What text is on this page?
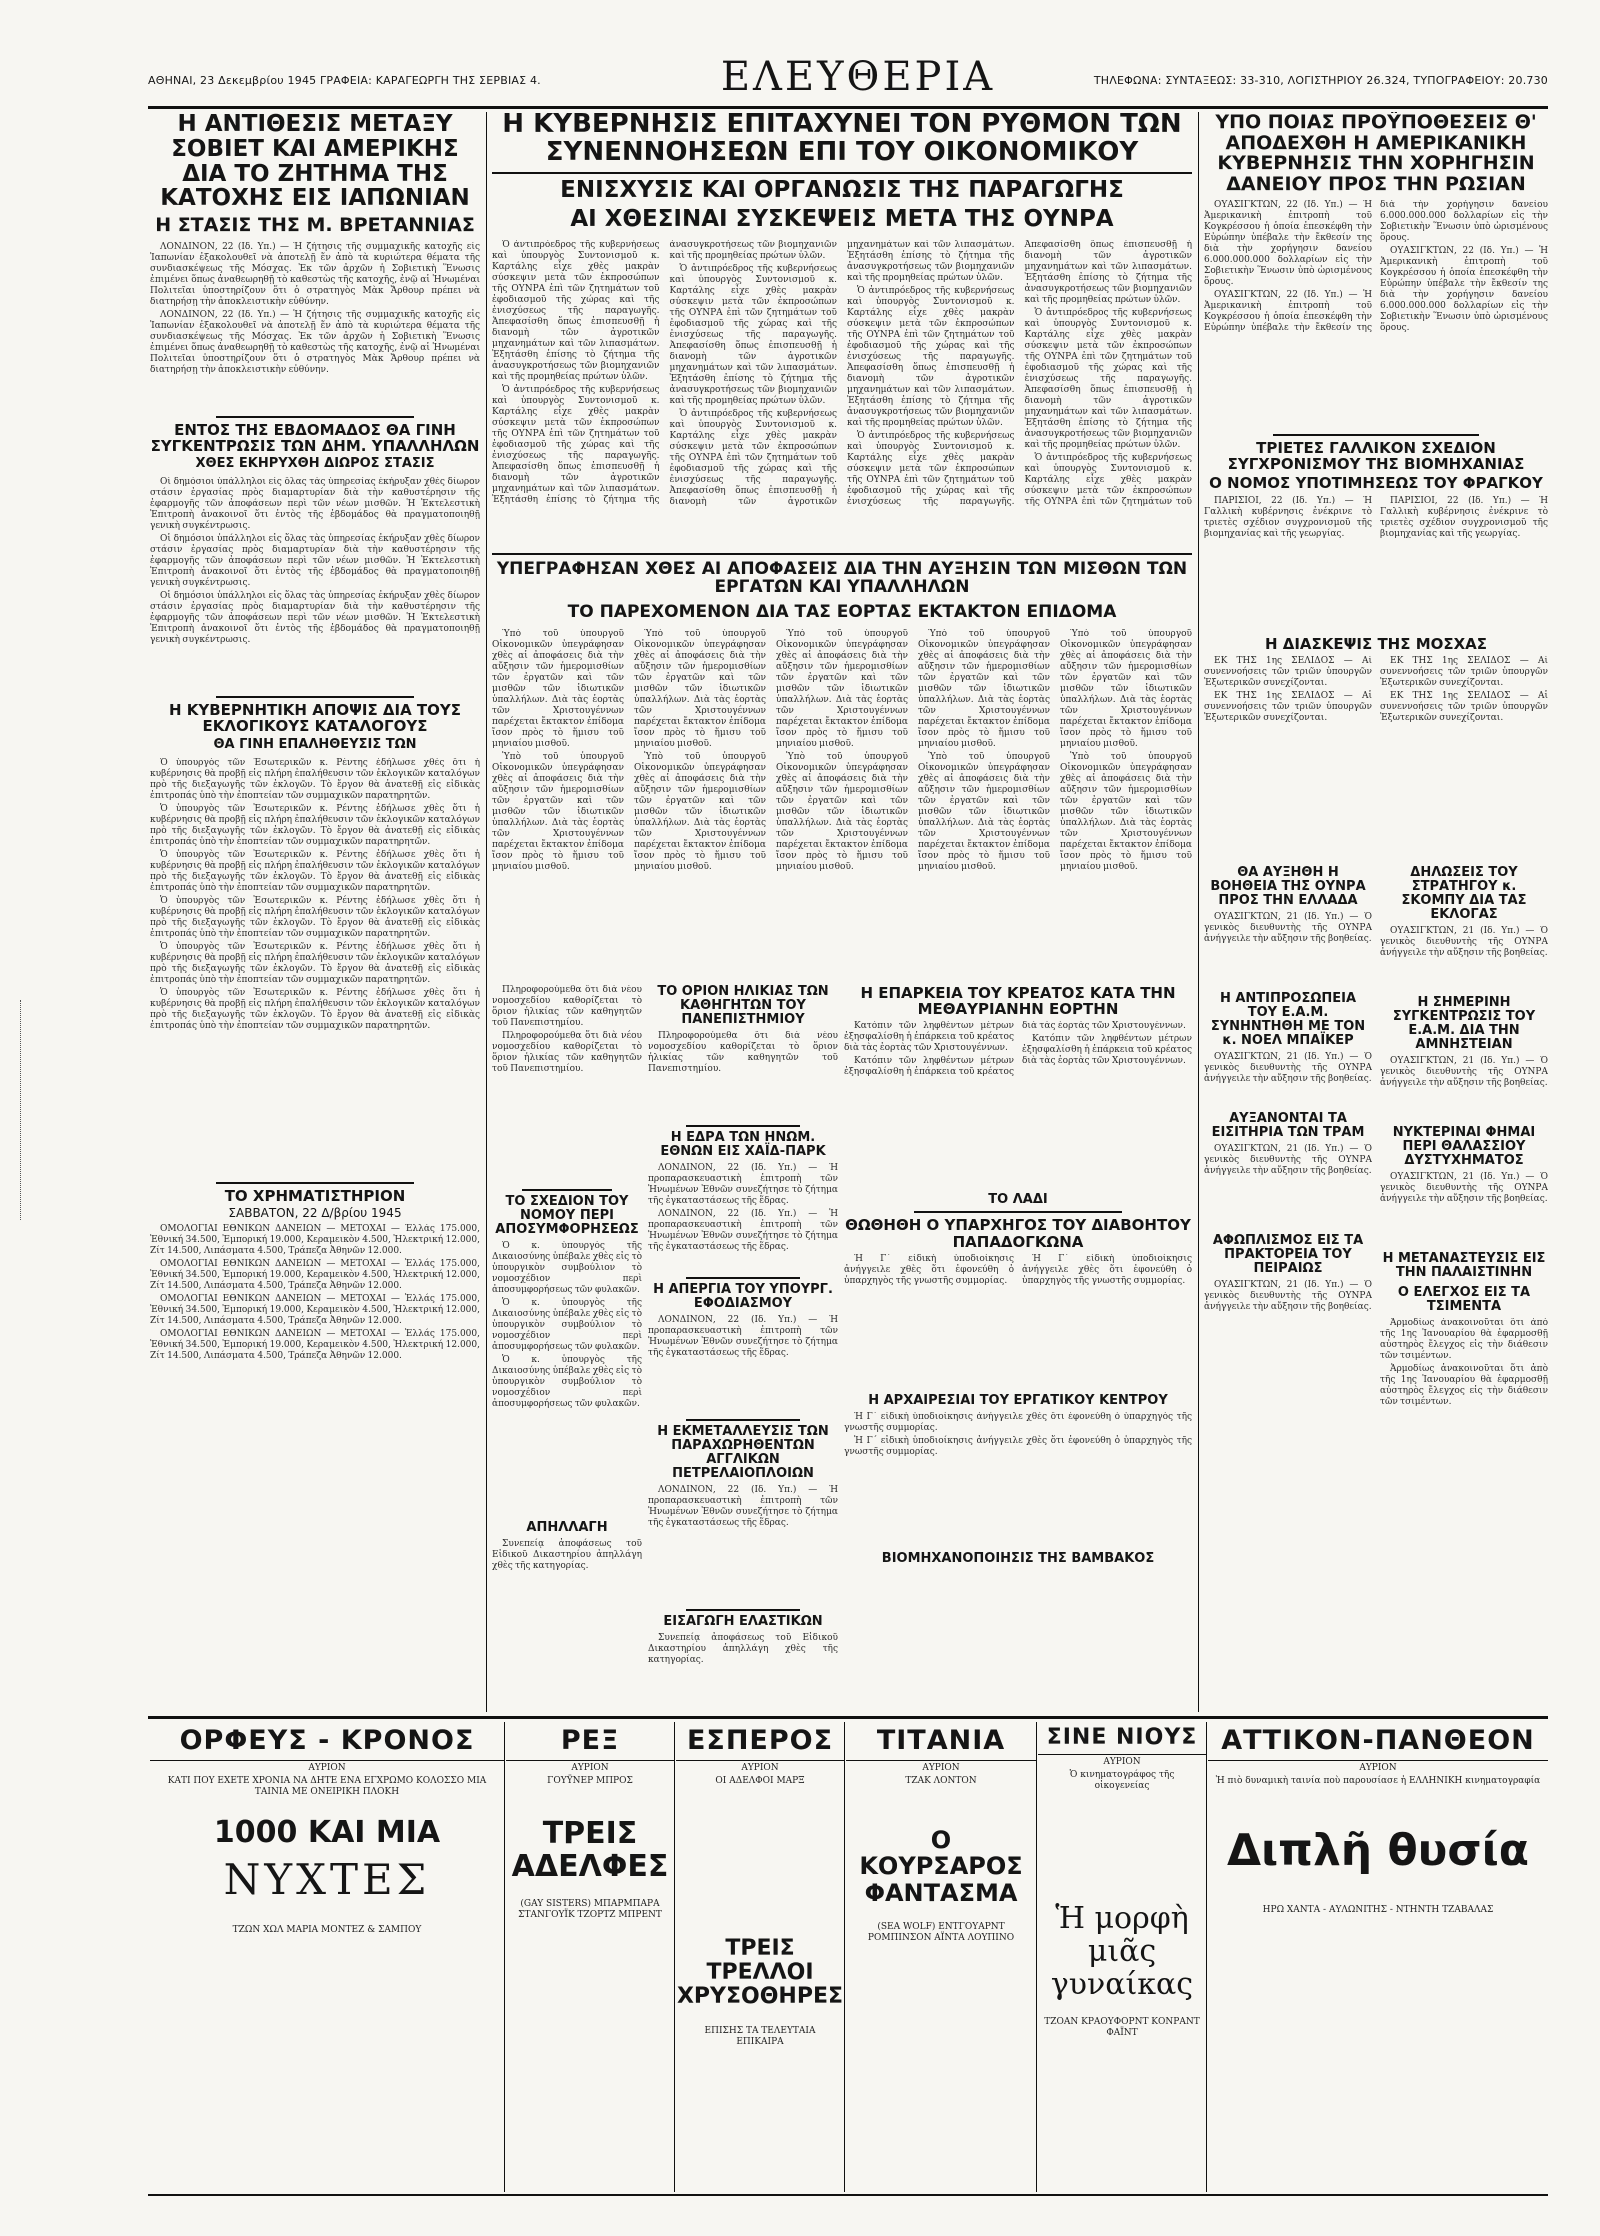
ΑΘΗΝΑΙ, 23 Δεκεμβρίου 1945 ΓΡΑΦΕΙΑ: ΚΑΡΑΓΕΩΡΓΗ ΤΗΣ ΣΕΡΒΙΑΣ 4.	ΕΛΕΥΘΕΡΙΑ	ΤΗΛΕΦΩΝΑ: ΣΥΝΤΑΞΕΩΣ: 33-310, ΛΟΓΙΣΤΗΡΙΟΥ 26.324, ΤΥΠΟΓΡΑΦΕΙΟΥ: 20.730
Η ΑΝΤΙΘΕΣΙΣ ΜΕΤΑΞΥ ΣΟΒΙΕΤ ΚΑΙ ΑΜΕΡΙΚΗΣ ΔΙΑ ΤΟ ΖΗΤΗΜΑ ΤΗΣ ΚΑΤΟΧΗΣ ΕΙΣ ΙΑΠΩΝΙΑΝ
Η ΣΤΑΣΙΣ ΤΗΣ Μ. ΒΡΕΤΑΝΝΙΑΣ

ΛΟΝΔΙΝΟΝ, 22 (Ιδ. Υπ.) — Ἡ ζήτησις τῆς συμμαχικῆς κατοχῆς εἰς Ἰαπωνίαν ἐξακολουθεῖ νὰ ἀποτελῇ ἕν ἀπὸ τὰ κυριώτερα θέματα τῆς συνδιασκέψεως τῆς Μόσχας. Ἐκ τῶν ἀρχῶν ἡ Σοβιετικὴ Ἕνωσις ἐπιμένει ὅπως ἀναθεωρηθῇ τὸ καθεστὼς τῆς κατοχῆς, ἐνῷ αἱ Ἡνωμέναι Πολιτεῖαι ὑποστηρίζουν ὅτι ὁ στρατηγὸς Μὰκ Ἄρθουρ πρέπει νὰ διατηρήσῃ τὴν ἀποκλειστικὴν εὐθύνην.

ΛΟΝΔΙΝΟΝ, 22 (Ιδ. Υπ.) — Ἡ ζήτησις τῆς συμμαχικῆς κατοχῆς εἰς Ἰαπωνίαν ἐξακολουθεῖ νὰ ἀποτελῇ ἕν ἀπὸ τὰ κυριώτερα θέματα τῆς συνδιασκέψεως τῆς Μόσχας. Ἐκ τῶν ἀρχῶν ἡ Σοβιετικὴ Ἕνωσις ἐπιμένει ὅπως ἀναθεωρηθῇ τὸ καθεστὼς τῆς κατοχῆς, ἐνῷ αἱ Ἡνωμέναι Πολιτεῖαι ὑποστηρίζουν ὅτι ὁ στρατηγὸς Μὰκ Ἄρθουρ πρέπει νὰ διατηρήσῃ τὴν ἀποκλειστικὴν εὐθύνην.

ΕΝΤΟΣ ΤΗΣ ΕΒΔΟΜΑΔΟΣ ΘΑ ΓΙΝΗ ΣΥΓΚΕΝΤΡΩΣΙΣ ΤΩΝ ΔΗΜ. ΥΠΑΛΛΗΛΩΝ
ΧΘΕΣ ΕΚΗΡΥΧΘΗ ΔΙΩΡΟΣ ΣΤΑΣΙΣ

Οἱ δημόσιοι ὑπάλληλοι εἰς ὅλας τὰς ὑπηρεσίας ἐκήρυξαν χθὲς δίωρον στάσιν ἐργασίας πρὸς διαμαρτυρίαν διὰ τὴν καθυστέρησιν τῆς ἐφαρμογῆς τῶν ἀποφάσεων περὶ τῶν νέων μισθῶν. Ἡ Ἐκτελεστικὴ Ἐπιτροπὴ ἀνακοινοῖ ὅτι ἐντὸς τῆς ἑβδομάδος θὰ πραγματοποιηθῇ γενικὴ συγκέντρωσις.

Οἱ δημόσιοι ὑπάλληλοι εἰς ὅλας τὰς ὑπηρεσίας ἐκήρυξαν χθὲς δίωρον στάσιν ἐργασίας πρὸς διαμαρτυρίαν διὰ τὴν καθυστέρησιν τῆς ἐφαρμογῆς τῶν ἀποφάσεων περὶ τῶν νέων μισθῶν. Ἡ Ἐκτελεστικὴ Ἐπιτροπὴ ἀνακοινοῖ ὅτι ἐντὸς τῆς ἑβδομάδος θὰ πραγματοποιηθῇ γενικὴ συγκέντρωσις.

Οἱ δημόσιοι ὑπάλληλοι εἰς ὅλας τὰς ὑπηρεσίας ἐκήρυξαν χθὲς δίωρον στάσιν ἐργασίας πρὸς διαμαρτυρίαν διὰ τὴν καθυστέρησιν τῆς ἐφαρμογῆς τῶν ἀποφάσεων περὶ τῶν νέων μισθῶν. Ἡ Ἐκτελεστικὴ Ἐπιτροπὴ ἀνακοινοῖ ὅτι ἐντὸς τῆς ἑβδομάδος θὰ πραγματοποιηθῇ γενικὴ συγκέντρωσις.

Η ΚΥΒΕΡΝΗΤΙΚΗ ΑΠΟΨΙΣ ΔΙΑ ΤΟΥΣ ΕΚΛΟΓΙΚΟΥΣ ΚΑΤΑΛΟΓΟΥΣ
ΘΑ ΓΙΝΗ ΕΠΑΛΗΘΕΥΣΙΣ ΤΩΝ

Ὁ ὑπουργὸς τῶν Ἐσωτερικῶν κ. Ρέντης ἐδήλωσε χθὲς ὅτι ἡ κυβέρνησις θὰ προβῇ εἰς πλήρη ἐπαλήθευσιν τῶν ἐκλογικῶν καταλόγων πρὸ τῆς διεξαγωγῆς τῶν ἐκλογῶν. Τὸ ἔργον θὰ ἀνατεθῇ εἰς εἰδικὰς ἐπιτροπάς ὑπὸ τὴν ἐποπτείαν τῶν συμμαχικῶν παρατηρητῶν.

Ὁ ὑπουργὸς τῶν Ἐσωτερικῶν κ. Ρέντης ἐδήλωσε χθὲς ὅτι ἡ κυβέρνησις θὰ προβῇ εἰς πλήρη ἐπαλήθευσιν τῶν ἐκλογικῶν καταλόγων πρὸ τῆς διεξαγωγῆς τῶν ἐκλογῶν. Τὸ ἔργον θὰ ἀνατεθῇ εἰς εἰδικὰς ἐπιτροπάς ὑπὸ τὴν ἐποπτείαν τῶν συμμαχικῶν παρατηρητῶν.

Ὁ ὑπουργὸς τῶν Ἐσωτερικῶν κ. Ρέντης ἐδήλωσε χθὲς ὅτι ἡ κυβέρνησις θὰ προβῇ εἰς πλήρη ἐπαλήθευσιν τῶν ἐκλογικῶν καταλόγων πρὸ τῆς διεξαγωγῆς τῶν ἐκλογῶν. Τὸ ἔργον θὰ ἀνατεθῇ εἰς εἰδικὰς ἐπιτροπάς ὑπὸ τὴν ἐποπτείαν τῶν συμμαχικῶν παρατηρητῶν.

Ὁ ὑπουργὸς τῶν Ἐσωτερικῶν κ. Ρέντης ἐδήλωσε χθὲς ὅτι ἡ κυβέρνησις θὰ προβῇ εἰς πλήρη ἐπαλήθευσιν τῶν ἐκλογικῶν καταλόγων πρὸ τῆς διεξαγωγῆς τῶν ἐκλογῶν. Τὸ ἔργον θὰ ἀνατεθῇ εἰς εἰδικὰς ἐπιτροπάς ὑπὸ τὴν ἐποπτείαν τῶν συμμαχικῶν παρατηρητῶν.

Ὁ ὑπουργὸς τῶν Ἐσωτερικῶν κ. Ρέντης ἐδήλωσε χθὲς ὅτι ἡ κυβέρνησις θὰ προβῇ εἰς πλήρη ἐπαλήθευσιν τῶν ἐκλογικῶν καταλόγων πρὸ τῆς διεξαγωγῆς τῶν ἐκλογῶν. Τὸ ἔργον θὰ ἀνατεθῇ εἰς εἰδικὰς ἐπιτροπάς ὑπὸ τὴν ἐποπτείαν τῶν συμμαχικῶν παρατηρητῶν.

Ὁ ὑπουργὸς τῶν Ἐσωτερικῶν κ. Ρέντης ἐδήλωσε χθὲς ὅτι ἡ κυβέρνησις θὰ προβῇ εἰς πλήρη ἐπαλήθευσιν τῶν ἐκλογικῶν καταλόγων πρὸ τῆς διεξαγωγῆς τῶν ἐκλογῶν. Τὸ ἔργον θὰ ἀνατεθῇ εἰς εἰδικὰς ἐπιτροπάς ὑπὸ τὴν ἐποπτείαν τῶν συμμαχικῶν παρατηρητῶν.

ΤΟ ΧΡΗΜΑΤΙΣΤΗΡΙΟΝ
ΣΑΒΒΑΤΟΝ, 22 Δ/βρίου 1945

ΟΜΟΛΟΓΙΑΙ ΕΘΝΙΚΩΝ ΔΑΝΕΙΩΝ — ΜΕΤΟΧΑΙ — Ἑλλάς 175.000, Ἐθνική 34.500, Ἐμπορική 19.000, Κεραμεικὸν 4.500, Ἠλεκτρική 12.000, Ζίτ 14.500, Λιπάσματα 4.500, Τράπεζα Ἀθηνῶν 12.000.

ΟΜΟΛΟΓΙΑΙ ΕΘΝΙΚΩΝ ΔΑΝΕΙΩΝ — ΜΕΤΟΧΑΙ — Ἑλλάς 175.000, Ἐθνική 34.500, Ἐμπορική 19.000, Κεραμεικὸν 4.500, Ἠλεκτρική 12.000, Ζίτ 14.500, Λιπάσματα 4.500, Τράπεζα Ἀθηνῶν 12.000.

ΟΜΟΛΟΓΙΑΙ ΕΘΝΙΚΩΝ ΔΑΝΕΙΩΝ — ΜΕΤΟΧΑΙ — Ἑλλάς 175.000, Ἐθνική 34.500, Ἐμπορική 19.000, Κεραμεικὸν 4.500, Ἠλεκτρική 12.000, Ζίτ 14.500, Λιπάσματα 4.500, Τράπεζα Ἀθηνῶν 12.000.

ΟΜΟΛΟΓΙΑΙ ΕΘΝΙΚΩΝ ΔΑΝΕΙΩΝ — ΜΕΤΟΧΑΙ — Ἑλλάς 175.000, Ἐθνική 34.500, Ἐμπορική 19.000, Κεραμεικὸν 4.500, Ἠλεκτρική 12.000, Ζίτ 14.500, Λιπάσματα 4.500, Τράπεζα Ἀθηνῶν 12.000.

Η ΚΥΒΕΡΝΗΣΙΣ ΕΠΙΤΑΧΥΝΕΙ ΤΟΝ ΡΥΘΜΟΝ ΤΩΝ ΣΥΝΕΝΝΟΗΣΕΩΝ ΕΠΙ ΤΟΥ ΟΙΚΟΝΟΜΙΚΟΥ
ΕΝΙΣΧΥΣΙΣ ΚΑΙ ΟΡΓΑΝΩΣΙΣ ΤΗΣ ΠΑΡΑΓΩΓΗΣ
ΑΙ ΧΘΕΣΙΝΑΙ ΣΥΣΚΕΨΕΙΣ ΜΕΤΑ ΤΗΣ ΟΥΝΡΑ

Ὁ ἀντιπρόεδρος τῆς κυβερνήσεως καὶ ὑπουργὸς Συντονισμοῦ κ. Καρτάλης εἶχε χθὲς μακρὰν σύσκεψιν μετὰ τῶν ἐκπροσώπων τῆς ΟΥΝΡΑ ἐπὶ τῶν ζητημάτων τοῦ ἐφοδιασμοῦ τῆς χώρας καὶ τῆς ἐνισχύσεως τῆς παραγωγῆς. Ἀπεφασίσθη ὅπως ἐπισπευσθῇ ἡ διανομὴ τῶν ἀγροτικῶν μηχανημάτων καὶ τῶν λιπασμάτων. Ἐξητάσθη ἐπίσης τὸ ζήτημα τῆς ἀνασυγκροτήσεως τῶν βιομηχανιῶν καὶ τῆς προμηθείας πρώτων ὑλῶν.

Ὁ ἀντιπρόεδρος τῆς κυβερνήσεως καὶ ὑπουργὸς Συντονισμοῦ κ. Καρτάλης εἶχε χθὲς μακρὰν σύσκεψιν μετὰ τῶν ἐκπροσώπων τῆς ΟΥΝΡΑ ἐπὶ τῶν ζητημάτων τοῦ ἐφοδιασμοῦ τῆς χώρας καὶ τῆς ἐνισχύσεως τῆς παραγωγῆς. Ἀπεφασίσθη ὅπως ἐπισπευσθῇ ἡ διανομὴ τῶν ἀγροτικῶν μηχανημάτων καὶ τῶν λιπασμάτων. Ἐξητάσθη ἐπίσης τὸ ζήτημα τῆς ἀνασυγκροτήσεως τῶν βιομηχανιῶν καὶ τῆς προμηθείας πρώτων ὑλῶν.

Ὁ ἀντιπρόεδρος τῆς κυβερνήσεως καὶ ὑπουργὸς Συντονισμοῦ κ. Καρτάλης εἶχε χθὲς μακρὰν σύσκεψιν μετὰ τῶν ἐκπροσώπων τῆς ΟΥΝΡΑ ἐπὶ τῶν ζητημάτων τοῦ ἐφοδιασμοῦ τῆς χώρας καὶ τῆς ἐνισχύσεως τῆς παραγωγῆς. Ἀπεφασίσθη ὅπως ἐπισπευσθῇ ἡ διανομὴ τῶν ἀγροτικῶν μηχανημάτων καὶ τῶν λιπασμάτων. Ἐξητάσθη ἐπίσης τὸ ζήτημα τῆς ἀνασυγκροτήσεως τῶν βιομηχανιῶν καὶ τῆς προμηθείας πρώτων ὑλῶν.

Ὁ ἀντιπρόεδρος τῆς κυβερνήσεως καὶ ὑπουργὸς Συντονισμοῦ κ. Καρτάλης εἶχε χθὲς μακρὰν σύσκεψιν μετὰ τῶν ἐκπροσώπων τῆς ΟΥΝΡΑ ἐπὶ τῶν ζητημάτων τοῦ ἐφοδιασμοῦ τῆς χώρας καὶ τῆς ἐνισχύσεως τῆς παραγωγῆς. Ἀπεφασίσθη ὅπως ἐπισπευσθῇ ἡ διανομὴ τῶν ἀγροτικῶν μηχανημάτων καὶ τῶν λιπασμάτων. Ἐξητάσθη ἐπίσης τὸ ζήτημα τῆς ἀνασυγκροτήσεως τῶν βιομηχανιῶν καὶ τῆς προμηθείας πρώτων ὑλῶν.

Ὁ ἀντιπρόεδρος τῆς κυβερνήσεως καὶ ὑπουργὸς Συντονισμοῦ κ. Καρτάλης εἶχε χθὲς μακρὰν σύσκεψιν μετὰ τῶν ἐκπροσώπων τῆς ΟΥΝΡΑ ἐπὶ τῶν ζητημάτων τοῦ ἐφοδιασμοῦ τῆς χώρας καὶ τῆς ἐνισχύσεως τῆς παραγωγῆς. Ἀπεφασίσθη ὅπως ἐπισπευσθῇ ἡ διανομὴ τῶν ἀγροτικῶν μηχανημάτων καὶ τῶν λιπασμάτων. Ἐξητάσθη ἐπίσης τὸ ζήτημα τῆς ἀνασυγκροτήσεως τῶν βιομηχανιῶν καὶ τῆς προμηθείας πρώτων ὑλῶν.

Ὁ ἀντιπρόεδρος τῆς κυβερνήσεως καὶ ὑπουργὸς Συντονισμοῦ κ. Καρτάλης εἶχε χθὲς μακρὰν σύσκεψιν μετὰ τῶν ἐκπροσώπων τῆς ΟΥΝΡΑ ἐπὶ τῶν ζητημάτων τοῦ ἐφοδιασμοῦ τῆς χώρας καὶ τῆς ἐνισχύσεως τῆς παραγωγῆς. Ἀπεφασίσθη ὅπως ἐπισπευσθῇ ἡ διανομὴ τῶν ἀγροτικῶν μηχανημάτων καὶ τῶν λιπασμάτων. Ἐξητάσθη ἐπίσης τὸ ζήτημα τῆς ἀνασυγκροτήσεως τῶν βιομηχανιῶν καὶ τῆς προμηθείας πρώτων ὑλῶν.

Ὁ ἀντιπρόεδρος τῆς κυβερνήσεως καὶ ὑπουργὸς Συντονισμοῦ κ. Καρτάλης εἶχε χθὲς μακρὰν σύσκεψιν μετὰ τῶν ἐκπροσώπων τῆς ΟΥΝΡΑ ἐπὶ τῶν ζητημάτων τοῦ ἐφοδιασμοῦ τῆς χώρας καὶ τῆς ἐνισχύσεως τῆς παραγωγῆς. Ἀπεφασίσθη ὅπως ἐπισπευσθῇ ἡ διανομὴ τῶν ἀγροτικῶν μηχανημάτων καὶ τῶν λιπασμάτων. Ἐξητάσθη ἐπίσης τὸ ζήτημα τῆς ἀνασυγκροτήσεως τῶν βιομηχανιῶν καὶ τῆς προμηθείας πρώτων ὑλῶν.

Ὁ ἀντιπρόεδρος τῆς κυβερνήσεως καὶ ὑπουργὸς Συντονισμοῦ κ. Καρτάλης εἶχε χθὲς μακρὰν σύσκεψιν μετὰ τῶν ἐκπροσώπων τῆς ΟΥΝΡΑ ἐπὶ τῶν ζητημάτων τοῦ

ΥΠΕΓΡΑΦΗΣΑΝ ΧΘΕΣ ΑΙ ΑΠΟΦΑΣΕΙΣ ΔΙΑ ΤΗΝ ΑΥΞΗΣΙΝ ΤΩΝ ΜΙΣΘΩΝ ΤΩΝ ΕΡΓΑΤΩΝ ΚΑΙ ΥΠΑΛΛΗΛΩΝ
ΤΟ ΠΑΡΕΧΟΜΕΝΟΝ ΔΙΑ ΤΑΣ ΕΟΡΤΑΣ ΕΚΤΑΚΤΟΝ ΕΠΙΔΟΜΑ

Ὑπὸ τοῦ ὑπουργοῦ Οἰκονομικῶν ὑπεγράφησαν χθὲς αἱ ἀποφάσεις διὰ τὴν αὔξησιν τῶν ἡμερομισθίων τῶν ἐργατῶν καὶ τῶν μισθῶν τῶν ἰδιωτικῶν ὑπαλλήλων. Διὰ τὰς ἑορτὰς τῶν Χριστουγέννων παρέχεται ἔκτακτον ἐπίδομα ἴσον πρὸς τὸ ἥμισυ τοῦ μηνιαίου μισθοῦ.

Ὑπὸ τοῦ ὑπουργοῦ Οἰκονομικῶν ὑπεγράφησαν χθὲς αἱ ἀποφάσεις διὰ τὴν αὔξησιν τῶν ἡμερομισθίων τῶν ἐργατῶν καὶ τῶν μισθῶν τῶν ἰδιωτικῶν ὑπαλλήλων. Διὰ τὰς ἑορτὰς τῶν Χριστουγέννων παρέχεται ἔκτακτον ἐπίδομα ἴσον πρὸς τὸ ἥμισυ τοῦ μηνιαίου μισθοῦ.

Ὑπὸ τοῦ ὑπουργοῦ Οἰκονομικῶν ὑπεγράφησαν χθὲς αἱ ἀποφάσεις διὰ τὴν αὔξησιν τῶν ἡμερομισθίων τῶν ἐργατῶν καὶ τῶν μισθῶν τῶν ἰδιωτικῶν ὑπαλλήλων. Διὰ τὰς ἑορτὰς τῶν Χριστουγέννων παρέχεται ἔκτακτον ἐπίδομα ἴσον πρὸς τὸ ἥμισυ τοῦ μηνιαίου μισθοῦ.

Ὑπὸ τοῦ ὑπουργοῦ Οἰκονομικῶν ὑπεγράφησαν χθὲς αἱ ἀποφάσεις διὰ τὴν αὔξησιν τῶν ἡμερομισθίων τῶν ἐργατῶν καὶ τῶν μισθῶν τῶν ἰδιωτικῶν ὑπαλλήλων. Διὰ τὰς ἑορτὰς τῶν Χριστουγέννων παρέχεται ἔκτακτον ἐπίδομα ἴσον πρὸς τὸ ἥμισυ τοῦ μηνιαίου μισθοῦ.

Ὑπὸ τοῦ ὑπουργοῦ Οἰκονομικῶν ὑπεγράφησαν χθὲς αἱ ἀποφάσεις διὰ τὴν αὔξησιν τῶν ἡμερομισθίων τῶν ἐργατῶν καὶ τῶν μισθῶν τῶν ἰδιωτικῶν ὑπαλλήλων. Διὰ τὰς ἑορτὰς τῶν Χριστουγέννων παρέχεται ἔκτακτον ἐπίδομα ἴσον πρὸς τὸ ἥμισυ τοῦ μηνιαίου μισθοῦ.

Ὑπὸ τοῦ ὑπουργοῦ Οἰκονομικῶν ὑπεγράφησαν χθὲς αἱ ἀποφάσεις διὰ τὴν αὔξησιν τῶν ἡμερομισθίων τῶν ἐργατῶν καὶ τῶν μισθῶν τῶν ἰδιωτικῶν ὑπαλλήλων. Διὰ τὰς ἑορτὰς τῶν Χριστουγέννων παρέχεται ἔκτακτον ἐπίδομα ἴσον πρὸς τὸ ἥμισυ τοῦ μηνιαίου μισθοῦ.

Ὑπὸ τοῦ ὑπουργοῦ Οἰκονομικῶν ὑπεγράφησαν χθὲς αἱ ἀποφάσεις διὰ τὴν αὔξησιν τῶν ἡμερομισθίων τῶν ἐργατῶν καὶ τῶν μισθῶν τῶν ἰδιωτικῶν ὑπαλλήλων. Διὰ τὰς ἑορτὰς τῶν Χριστουγέννων παρέχεται ἔκτακτον ἐπίδομα ἴσον πρὸς τὸ ἥμισυ τοῦ μηνιαίου μισθοῦ.

Ὑπὸ τοῦ ὑπουργοῦ Οἰκονομικῶν ὑπεγράφησαν χθὲς αἱ ἀποφάσεις διὰ τὴν αὔξησιν τῶν ἡμερομισθίων τῶν ἐργατῶν καὶ τῶν μισθῶν τῶν ἰδιωτικῶν ὑπαλλήλων. Διὰ τὰς ἑορτὰς τῶν Χριστουγέννων παρέχεται ἔκτακτον ἐπίδομα ἴσον πρὸς τὸ ἥμισυ τοῦ μηνιαίου μισθοῦ.

Ὑπὸ τοῦ ὑπουργοῦ Οἰκονομικῶν ὑπεγράφησαν χθὲς αἱ ἀποφάσεις διὰ τὴν αὔξησιν τῶν ἡμερομισθίων τῶν ἐργατῶν καὶ τῶν μισθῶν τῶν ἰδιωτικῶν ὑπαλλήλων. Διὰ τὰς ἑορτὰς τῶν Χριστουγέννων παρέχεται ἔκτακτον ἐπίδομα ἴσον πρὸς τὸ ἥμισυ τοῦ μηνιαίου μισθοῦ.

Ὑπὸ τοῦ ὑπουργοῦ Οἰκονομικῶν ὑπεγράφησαν χθὲς αἱ ἀποφάσεις διὰ τὴν αὔξησιν τῶν ἡμερομισθίων τῶν ἐργατῶν καὶ τῶν μισθῶν τῶν ἰδιωτικῶν ὑπαλλήλων. Διὰ τὰς ἑορτὰς τῶν Χριστουγέννων παρέχεται ἔκτακτον ἐπίδομα ἴσον πρὸς τὸ ἥμισυ τοῦ μηνιαίου μισθοῦ.

Πληροφορούμεθα ὅτι διὰ νέου νομοσχεδίου καθορίζεται τὸ ὅριον ἡλικίας τῶν καθηγητῶν τοῦ Πανεπιστημίου.

Πληροφορούμεθα ὅτι διὰ νέου νομοσχεδίου καθορίζεται τὸ ὅριον ἡλικίας τῶν καθηγητῶν τοῦ Πανεπιστημίου.

ΤΟ ΣΧΕΔΙΟΝ ΤΟΥ ΝΟΜΟΥ ΠΕΡΙ ΑΠΟΣΥΜΦΟΡΗΣΕΩΣ

Ὁ κ. ὑπουργὸς τῆς Δικαιοσύνης ὑπέβαλε χθὲς εἰς τὸ ὑπουργικὸν συμβούλιον τὸ νομοσχέδιον περὶ ἀποσυμφορήσεως τῶν φυλακῶν.

Ὁ κ. ὑπουργὸς τῆς Δικαιοσύνης ὑπέβαλε χθὲς εἰς τὸ ὑπουργικὸν συμβούλιον τὸ νομοσχέδιον περὶ ἀποσυμφορήσεως τῶν φυλακῶν.

Ὁ κ. ὑπουργὸς τῆς Δικαιοσύνης ὑπέβαλε χθὲς εἰς τὸ ὑπουργικὸν συμβούλιον τὸ νομοσχέδιον περὶ ἀποσυμφορήσεως τῶν φυλακῶν.

ΑΠΗΛΛΑΓΗ

Συνεπείᾳ ἀποφάσεως τοῦ Εἰδικοῦ Δικαστηρίου ἀπηλλάγη χθὲς τῆς κατηγορίας.

ΤΟ ΟΡΙΟΝ ΗΛΙΚΙΑΣ ΤΩΝ ΚΑΘΗΓΗΤΩΝ ΤΟΥ ΠΑΝΕΠΙΣΤΗΜΙΟΥ

Πληροφορούμεθα ὅτι διὰ νέου νομοσχεδίου καθορίζεται τὸ ὅριον ἡλικίας τῶν καθηγητῶν τοῦ Πανεπιστημίου.

Η ΕΔΡΑ ΤΩΝ ΗΝΩΜ. ΕΘΝΩΝ ΕΙΣ ΧΑΪΔ-ΠΑΡΚ

ΛΟΝΔΙΝΟΝ, 22 (Ιδ. Υπ.) — Ἡ προπαρασκευαστικὴ ἐπιτροπὴ τῶν Ἡνωμένων Ἐθνῶν συνεζήτησε τὸ ζήτημα τῆς ἐγκαταστάσεως τῆς ἕδρας.

ΛΟΝΔΙΝΟΝ, 22 (Ιδ. Υπ.) — Ἡ προπαρασκευαστικὴ ἐπιτροπὴ τῶν Ἡνωμένων Ἐθνῶν συνεζήτησε τὸ ζήτημα τῆς ἐγκαταστάσεως τῆς ἕδρας.

Η ΑΠΕΡΓΙΑ ΤΟΥ ΥΠΟΥΡΓ. ΕΦΟΔΙΑΣΜΟΥ

ΛΟΝΔΙΝΟΝ, 22 (Ιδ. Υπ.) — Ἡ προπαρασκευαστικὴ ἐπιτροπὴ τῶν Ἡνωμένων Ἐθνῶν συνεζήτησε τὸ ζήτημα τῆς ἐγκαταστάσεως τῆς ἕδρας.

Η ΕΚΜΕΤΑΛΛΕΥΣΙΣ ΤΩΝ ΠΑΡΑΧΩΡΗΘΕΝΤΩΝ ΑΓΓΛΙΚΩΝ ΠΕΤΡΕΛΑΙΟΠΛΟΙΩΝ

ΛΟΝΔΙΝΟΝ, 22 (Ιδ. Υπ.) — Ἡ προπαρασκευαστικὴ ἐπιτροπὴ τῶν Ἡνωμένων Ἐθνῶν συνεζήτησε τὸ ζήτημα τῆς ἐγκαταστάσεως τῆς ἕδρας.

ΕΙΣΑΓΩΓΗ ΕΛΑΣΤΙΚΩΝ

Συνεπείᾳ ἀποφάσεως τοῦ Εἰδικοῦ Δικαστηρίου ἀπηλλάγη χθὲς τῆς κατηγορίας.

Η ΕΠΑΡΚΕΙΑ ΤΟΥ ΚΡΕΑΤΟΣ ΚΑΤΑ ΤΗΝ ΜΕΘΑΥΡΙΑΝΗΝ ΕΟΡΤΗΝ

Κατόπιν τῶν ληφθέντων μέτρων ἐξησφαλίσθη ἡ ἐπάρκεια τοῦ κρέατος διὰ τὰς ἑορτὰς τῶν Χριστουγέννων.

Κατόπιν τῶν ληφθέντων μέτρων ἐξησφαλίσθη ἡ ἐπάρκεια τοῦ κρέατος διὰ τὰς ἑορτὰς τῶν Χριστουγέννων.

Κατόπιν τῶν ληφθέντων μέτρων ἐξησφαλίσθη ἡ ἐπάρκεια τοῦ κρέατος διὰ τὰς ἑορτὰς τῶν Χριστουγέννων.

ΤΟ ΛΑΔΙ
ΘΩΘΗΘΗ Ο ΥΠΑΡΧΗΓΟΣ ΤΟΥ ΔΙΑΒΟΗΤΟΥ ΠΑΠΑΔΟΓΚΩΝΑ

Ἡ Γ΄ εἰδικὴ ὑποδιοίκησις ἀνήγγειλε χθὲς ὅτι ἐφονεύθη ὁ ὑπαρχηγὸς τῆς γνωστῆς συμμορίας.

Ἡ Γ΄ εἰδικὴ ὑποδιοίκησις ἀνήγγειλε χθὲς ὅτι ἐφονεύθη ὁ ὑπαρχηγὸς τῆς γνωστῆς συμμορίας.

Η ΑΡΧΑΙΡΕΣΙΑΙ ΤΟΥ ΕΡΓΑΤΙΚΟΥ ΚΕΝΤΡΟΥ

Ἡ Γ΄ εἰδικὴ ὑποδιοίκησις ἀνήγγειλε χθὲς ὅτι ἐφονεύθη ὁ ὑπαρχηγὸς τῆς γνωστῆς συμμορίας.

Ἡ Γ΄ εἰδικὴ ὑποδιοίκησις ἀνήγγειλε χθὲς ὅτι ἐφονεύθη ὁ ὑπαρχηγὸς τῆς γνωστῆς συμμορίας.

ΒΙΟΜΗΧΑΝΟΠΟΙΗΣΙΣ ΤΗΣ ΒΑΜΒΑΚΟΣ
ΥΠΟ ΠΟΙΑΣ ΠΡΟΫΠΟΘΕΣΕΙΣ Θ' ΑΠΟΔΕΧΘΗ Η ΑΜΕΡΙΚΑΝΙΚΗ ΚΥΒΕΡΝΗΣΙΣ ΤΗΝ ΧΟΡΗΓΗΣΙΝ ΔΑΝΕΙΟΥ ΠΡΟΣ ΤΗΝ ΡΩΣΙΑΝ

ΟΥΑΣΙΓΚΤΩΝ, 22 (Ιδ. Υπ.) — Ἡ Ἀμερικανικὴ ἐπιτροπὴ τοῦ Κογκρέσσου ἡ ὁποία ἐπεσκέφθη τὴν Εὐρώπην ὑπέβαλε τὴν ἔκθεσίν της διὰ τὴν χορήγησιν δανείου 6.000.000.000 δολλαρίων εἰς τὴν Σοβιετικὴν Ἕνωσιν ὑπὸ ὡρισμένους ὅρους.

ΟΥΑΣΙΓΚΤΩΝ, 22 (Ιδ. Υπ.) — Ἡ Ἀμερικανικὴ ἐπιτροπὴ τοῦ Κογκρέσσου ἡ ὁποία ἐπεσκέφθη τὴν Εὐρώπην ὑπέβαλε τὴν ἔκθεσίν της διὰ τὴν χορήγησιν δανείου 6.000.000.000 δολλαρίων εἰς τὴν Σοβιετικὴν Ἕνωσιν ὑπὸ ὡρισμένους ὅρους.

ΟΥΑΣΙΓΚΤΩΝ, 22 (Ιδ. Υπ.) — Ἡ Ἀμερικανικὴ ἐπιτροπὴ τοῦ Κογκρέσσου ἡ ὁποία ἐπεσκέφθη τὴν Εὐρώπην ὑπέβαλε τὴν ἔκθεσίν της διὰ τὴν χορήγησιν δανείου 6.000.000.000 δολλαρίων εἰς τὴν Σοβιετικὴν Ἕνωσιν ὑπὸ ὡρισμένους ὅρους.

ΤΡΙΕΤΕΣ ΓΑΛΛΙΚΟΝ ΣΧΕΔΙΟΝ ΣΥΓΧΡΟΝΙΣΜΟΥ ΤΗΣ ΒΙΟΜΗΧΑΝΙΑΣ
Ο ΝΟΜΟΣ ΥΠΟΤΙΜΗΣΕΩΣ ΤΟΥ ΦΡΑΓΚΟΥ

ΠΑΡΙΣΙΟΙ, 22 (Ιδ. Υπ.) — Ἡ Γαλλικὴ κυβέρνησις ἐνέκρινε τὸ τριετὲς σχέδιον συγχρονισμοῦ τῆς βιομηχανίας καὶ τῆς γεωργίας.

ΠΑΡΙΣΙΟΙ, 22 (Ιδ. Υπ.) — Ἡ Γαλλικὴ κυβέρνησις ἐνέκρινε τὸ τριετὲς σχέδιον συγχρονισμοῦ τῆς βιομηχανίας καὶ τῆς γεωργίας.

Η ΔΙΑΣΚΕΨΙΣ ΤΗΣ ΜΟΣΧΑΣ

ΕΚ ΤΗΣ 1ης ΣΕΛΙΔΟΣ — Αἱ συνεννοήσεις τῶν τριῶν ὑπουργῶν Ἐξωτερικῶν συνεχίζονται.

ΕΚ ΤΗΣ 1ης ΣΕΛΙΔΟΣ — Αἱ συνεννοήσεις τῶν τριῶν ὑπουργῶν Ἐξωτερικῶν συνεχίζονται.

ΕΚ ΤΗΣ 1ης ΣΕΛΙΔΟΣ — Αἱ συνεννοήσεις τῶν τριῶν ὑπουργῶν Ἐξωτερικῶν συνεχίζονται.

ΕΚ ΤΗΣ 1ης ΣΕΛΙΔΟΣ — Αἱ συνεννοήσεις τῶν τριῶν ὑπουργῶν Ἐξωτερικῶν συνεχίζονται.

ΘΑ ΑΥΞΗΘΗ Η ΒΟΗΘΕΙΑ ΤΗΣ ΟΥΝΡΑ ΠΡΟΣ ΤΗΝ ΕΛΛΑΔΑ

ΟΥΑΣΙΓΚΤΩΝ, 21 (Ιδ. Υπ.) — Ὁ γενικὸς διευθυντὴς τῆς ΟΥΝΡΑ ἀνήγγειλε τὴν αὔξησιν τῆς βοηθείας.

Η ΑΝΤΙΠΡΟΣΩΠΕΙΑ ΤΟΥ Ε.Α.Μ. ΣΥΝΗΝΤΗΘΗ ΜΕ ΤΟΝ κ. ΝΟΕΛ ΜΠΑΪΚΕΡ

ΟΥΑΣΙΓΚΤΩΝ, 21 (Ιδ. Υπ.) — Ὁ γενικὸς διευθυντὴς τῆς ΟΥΝΡΑ ἀνήγγειλε τὴν αὔξησιν τῆς βοηθείας.

ΑΥΞΑΝΟΝΤΑΙ ΤΑ ΕΙΣΙΤΗΡΙΑ ΤΩΝ ΤΡΑΜ

ΟΥΑΣΙΓΚΤΩΝ, 21 (Ιδ. Υπ.) — Ὁ γενικὸς διευθυντὴς τῆς ΟΥΝΡΑ ἀνήγγειλε τὴν αὔξησιν τῆς βοηθείας.

ΑΦΩΠΛΙΣΜΟΣ ΕΙΣ ΤΑ ΠΡΑΚΤΟΡΕΙΑ ΤΟΥ ΠΕΙΡΑΙΩΣ

ΟΥΑΣΙΓΚΤΩΝ, 21 (Ιδ. Υπ.) — Ὁ γενικὸς διευθυντὴς τῆς ΟΥΝΡΑ ἀνήγγειλε τὴν αὔξησιν τῆς βοηθείας.

ΔΗΛΩΣΕΙΣ ΤΟΥ ΣΤΡΑΤΗΓΟΥ κ. ΣΚΟΜΠΥ ΔΙΑ ΤΑΣ ΕΚΛΟΓΑΣ

ΟΥΑΣΙΓΚΤΩΝ, 21 (Ιδ. Υπ.) — Ὁ γενικὸς διευθυντὴς τῆς ΟΥΝΡΑ ἀνήγγειλε τὴν αὔξησιν τῆς βοηθείας.

Η ΣΗΜΕΡΙΝΗ ΣΥΓΚΕΝΤΡΩΣΙΣ ΤΟΥ Ε.Α.Μ. ΔΙΑ ΤΗΝ ΑΜΝΗΣΤΕΙΑΝ

ΟΥΑΣΙΓΚΤΩΝ, 21 (Ιδ. Υπ.) — Ὁ γενικὸς διευθυντὴς τῆς ΟΥΝΡΑ ἀνήγγειλε τὴν αὔξησιν τῆς βοηθείας.

ΝΥΚΤΕΡΙΝΑΙ ΦΗΜΑΙ ΠΕΡΙ ΘΑΛΑΣΣΙΟΥ ΔΥΣΤΥΧΗΜΑΤΟΣ

ΟΥΑΣΙΓΚΤΩΝ, 21 (Ιδ. Υπ.) — Ὁ γενικὸς διευθυντὴς τῆς ΟΥΝΡΑ ἀνήγγειλε τὴν αὔξησιν τῆς βοηθείας.

Η ΜΕΤΑΝΑΣΤΕΥΣΙΣ ΕΙΣ ΤΗΝ ΠΑΛΑΙΣΤΙΝΗΝ
Ο ΕΛΕΓΧΟΣ ΕΙΣ ΤΑ ΤΣΙΜΕΝΤΑ

Ἀρμοδίως ἀνακοινοῦται ὅτι ἀπὸ τῆς 1ης Ἰανουαρίου θὰ ἐφαρμοσθῇ αὐστηρὸς ἔλεγχος εἰς τὴν διάθεσιν τῶν τσιμέντων.

Ἀρμοδίως ἀνακοινοῦται ὅτι ἀπὸ τῆς 1ης Ἰανουαρίου θὰ ἐφαρμοσθῇ αὐστηρὸς ἔλεγχος εἰς τὴν διάθεσιν τῶν τσιμέντων.

ΟΡΦΕΥΣ - ΚΡΟΝΟΣ
ΑΥΡΙΟΝ
ΚΑΤΙ ΠΟΥ ΕΧΕΤΕ ΧΡΟΝΙΑ ΝΑ ΔΗΤΕ ΕΝΑ ΕΓΧΡΩΜΟ ΚΟΛΟΣΣΟ ΜΙΑ ΤΑΙΝΙΑ ΜΕ ΟΝΕΙΡΙΚΗ ΠΛΟΚΗ
1000 ΚΑΙ ΜΙΑ
ΝΥΧΤΕΣ
ΤΖΩΝ ΧΩΛ ΜΑΡΙΑ ΜΟΝΤΕΖ & ΣΑΜΠΟΥ
ΡΕΞ
ΑΥΡΙΟΝ
ΓΟΥΫΝΕΡ ΜΠΡΟΣ
ΤΡΕΙΣ ΑΔΕΛΦΕΣ
(GAY SISTERS) ΜΠΑΡΜΠΑΡΑ ΣΤΑΝΓΟΥΪΚ ΤΖΟΡΤΖ ΜΠΡΕΝΤ
ΕΣΠΕΡΟΣ
ΑΥΡΙΟΝ
ΟΙ ΑΔΕΛΦΟΙ ΜΑΡΞ
ΤΡΕΙΣ ΤΡΕΛΛΟΙ ΧΡΥΣΟΘΗΡΕΣ
ΕΠΙΣΗΣ ΤΑ ΤΕΛΕΥΤΑΙΑ ΕΠΙΚΑΙΡΑ
ΤΙΤΑΝΙΑ
ΑΥΡΙΟΝ
ΤΖΑΚ ΛΟΝΤΟΝ
Ο ΚΟΥΡΣΑΡΟΣ ΦΑΝΤΑΣΜΑ
(SEA WOLF) ΕΝΤΓΟΥΑΡΝΤ ΡΟΜΠΙΝΣΟΝ ΑΪΝΤΑ ΛΟΥΠΙΝΟ
ΣΙΝΕ ΝΙΟΥΣ
ΑΥΡΙΟΝ
Ὁ κινηματογράφος τῆς οἰκογενείας
Ἡ μορφὴ μιᾶς γυναίκας
ΤΖΟΑΝ ΚΡΑΟΥΦΟΡΝΤ ΚΟΝΡΑΝΤ ΦΑΪΝΤ
ΑΤΤΙΚΟΝ-ΠΑΝΘΕΟΝ
ΑΥΡΙΟΝ
Ἡ πιὸ δυναμικὴ ταινία ποὺ παρουσίασε ἡ ΕΛΛΗΝΙΚΗ κινηματογραφία
Διπλῆ θυσία
ΗΡΩ ΧΑΝΤΑ - ΑΥΛΩΝΙΤΗΣ - ΝΤΗΝΤΗ ΤΖΑΒΑΛΑΣ
